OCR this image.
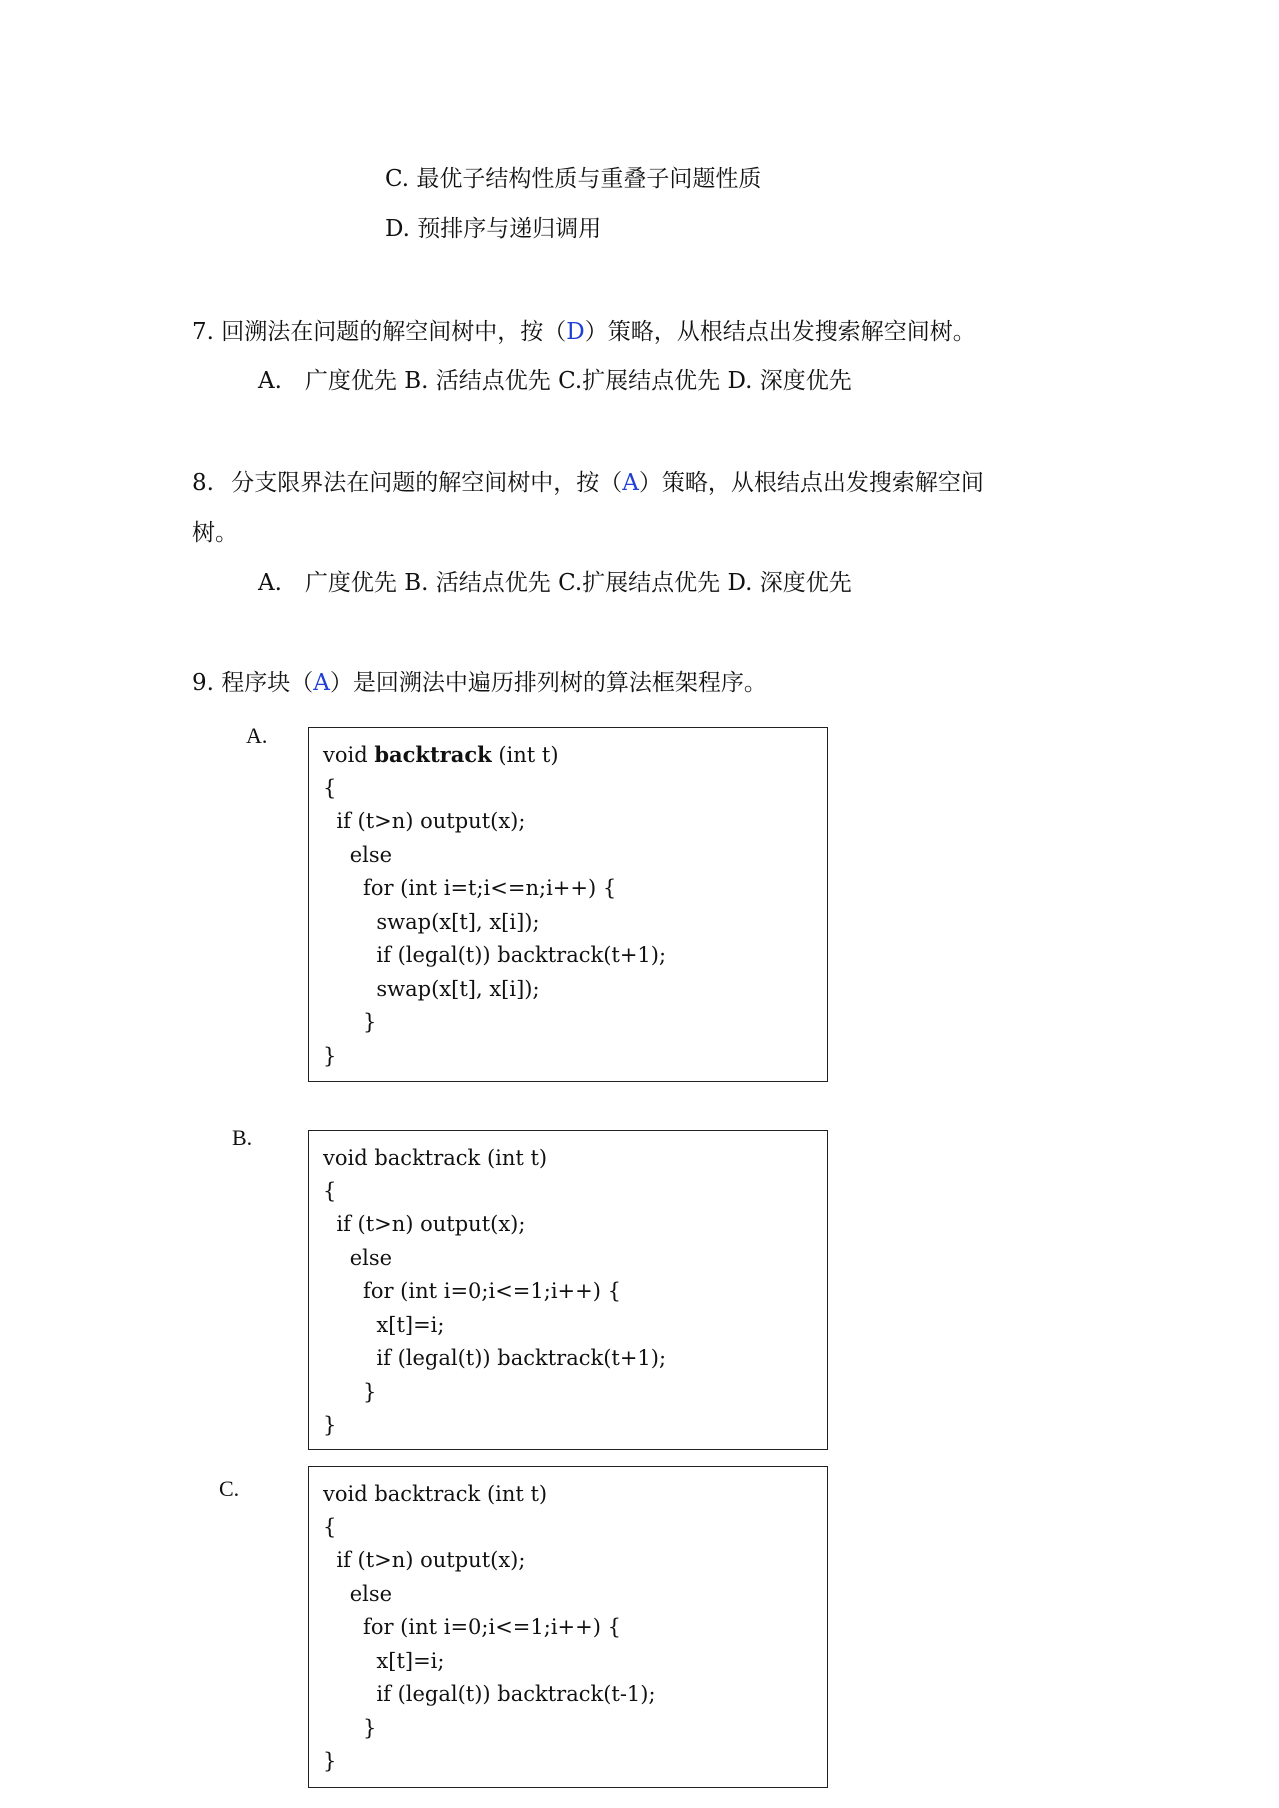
C. 最优子结构性质与重叠子问题性质
D. 预排序与递归调用
7. 回溯法在问题的解空间树中，按（D）策略，从根结点出发搜索解空间树。
A.　广度优先 B. 活结点优先 C.扩展结点优先 D. 深度优先
8. 分支限界法在问题的解空间树中，按（A）策略，从根结点出发搜索解空间
树。
A.　广度优先 B. 活结点优先 C.扩展结点优先 D. 深度优先
9. 程序块（A）是回溯法中遍历排列树的算法框架程序。
A.
void backtrack (int t)
{
if (t>n) output(x);
else
for (int i=t;i<=n;i++) {
swap(x[t], x[i]);
if (legal(t)) backtrack(t+1);
swap(x[t], x[i]);
}
}
B.
void backtrack (int t)
{
if (t>n) output(x);
else
for (int i=0;i<=1;i++) {
x[t]=i;
if (legal(t)) backtrack(t+1);
}
}
C.	void backtrack (int t)
{
if (t>n) output(x);
else
for (int i=0;i<=1;i++) {
x[t]=i;
if (legal(t)) backtrack(t-1);
}
}
